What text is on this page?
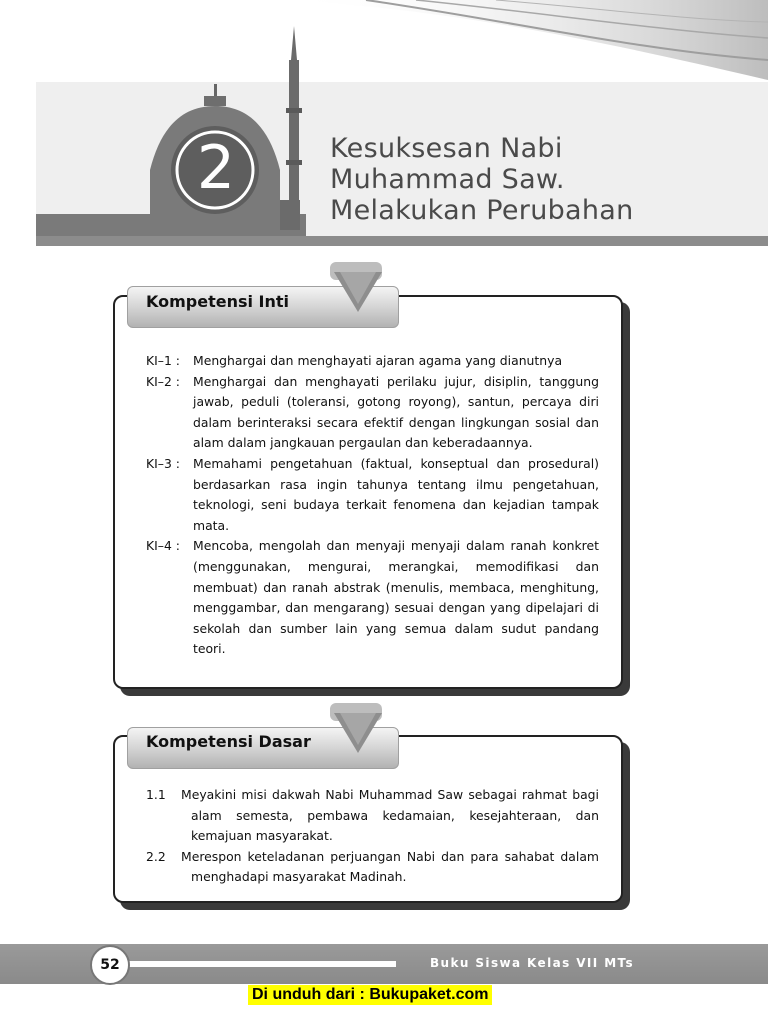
2	Kesuksesan Nabi
Muhammad Saw.
Melakukan Perubahan
Kompetensi Inti
KI–1 :	Menghargai dan menghayati ajaran agama yang dianutnya
KI–2 : Menghargai dan menghayati perilaku jujur, disiplin, tanggung jawab, peduli (toleransi, gotong royong), santun, percaya diri dalam berinteraksi secara efektif dengan lingkungan sosial dan alam dalam jangkauan pergaulan dan keberadaannya.
KI–3 : Memahami pengetahuan (faktual, konseptual dan prosedural) berdasarkan rasa ingin tahunya tentang ilmu pengetahuan, teknologi, seni budaya terkait fenomena dan kejadian tampak mata.
KI–4 : Mencoba, mengolah dan menyaji menyaji dalam ranah konkret (menggunakan, mengurai, merangkai, memodifikasi dan membuat) dan ranah abstrak (menulis, membaca, menghitung, menggambar, dan mengarang) sesuai dengan yang dipelajari di sekolah dan sumber lain yang semua dalam sudut pandang teori.
Kompetensi Dasar
1.1 Meyakini misi dakwah Nabi Muhammad Saw sebagai rahmat bagi alam semesta, pembawa kedamaian, kesejahteraan, dan kemajuan masyarakat.
2.2 Merespon keteladanan perjuangan Nabi dan para sahabat dalam menghadapi masyarakat Madinah.
52	Buku Siswa Kelas VII MTs
Di unduh dari : Bukupaket.com
